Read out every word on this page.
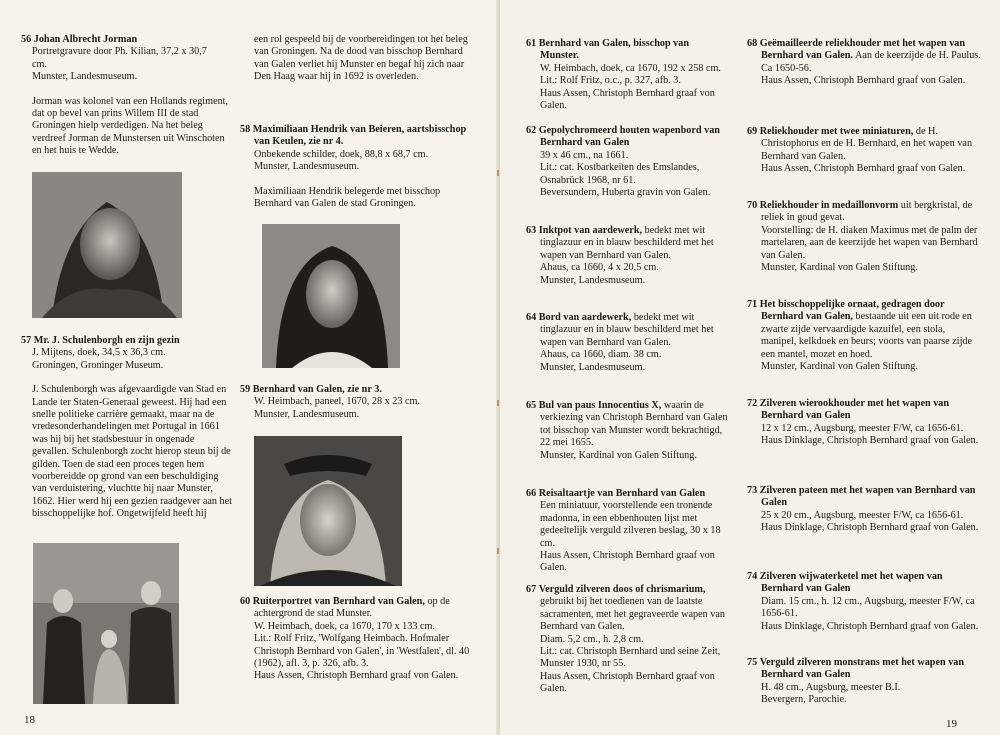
56 Johan Albrecht Jorman
Portretgravure door Ph. Kilian, 37,2 x 30,7
cm.
Munster, Landesmuseum.

Jorman was kolonel van een Hollands regiment, dat op bevel van prins Willem III de stad Groningen hielp verdedigen. Na het beleg verdreef Jorman de Munstersen uit Winschoten en het huis te Wedde.

57 Mr. J. Schulenborgh en zijn gezin
J. Mijtens, doek, 34,5 x 36,3 cm.
Groningen, Groninger Museum.

J. Schulenborgh was afgevaardigde van Stad en Lande ter Staten-Generaal geweest. Hij had een snelle politieke carrière gemaakt, maar na de vredesonderhandelingen met Portugal in 1661 was hij bij het stadsbestuur in ongenade gevallen. Schulenborgh zocht hierop steun bij de gilden. Toen de stad een proces tegen hem voorbereidde op grond van een beschuldiging van verduistering, vluchtte hij naar Munster, 1662. Hier werd hij een gezien raadgever aan het bisschoppelijke hof. Ongetwijfeld heeft hij

een rol gespeeld bij de voorbereidingen tot het beleg van Groningen. Na de dood van bisschop Bernhard van Galen verliet hij Munster en begaf hij zich naar Den Haag waar hij in 1692 is overleden.

58 Maximiliaan Hendrik van Beieren, aartsbisschop van Keulen, zie nr 4.
Onbekende schilder, doek, 88,8 x 68,7 cm.
Munster, Landesmuseum.

Maximiliaan Hendrik belegerde met bisschop Bernhard van Galen de stad Groningen.

59 Bernhard van Galen, zie nr 3.
W. Heimbach, paneel, 1670, 28 x 23 cm.
Munster, Landesmuseum.
60 Ruiterportret van Bernhard van Galen, op de achtergrond de stad Munster.
W. Heimbach, doek, ca 1670, 170 x 133 cm.
Lit.: Rolf Fritz, 'Wolfgang Heimbach. Hofmaler Christoph Bernhard von Galen', in 'Westfalen', dl. 40 (1962), afl. 3, p. 326, afb. 3.
Haus Assen, Christoph Bernhard graaf von Galen.
18
61 Bernhard van Galen, bisschop van Munster.
W. Heimbach, doek, ca 1670, 192 x 258 cm.
Lit.: Rolf Fritz, o.c., p. 327, afb. 3.
Haus Assen, Christoph Bernhard graaf von Galen.
62 Gepolychromeerd houten wapenbord van Bernhard van Galen
39 x 46 cm., na 1661.
Lit.: cat. Kostbarkeiten des Emslandes, Osnabrück 1968, nr 61.
Beversundern, Huberta gravin von Galen.
63 Inktpot van aardewerk, bedekt met wit tinglazuur en in blauw beschilderd met het wapen van Bernhard van Galen.
Ahaus, ca 1660, 4 x 20,5 cm.
Munster, Landesmuseum.
64 Bord van aardewerk, bedekt met wit tinglazuur en in blauw beschilderd met het wapen van Bernhard van Galen.
Ahaus, ca 1660, diam. 38 cm.
Munster, Landesmuseum.
65 Bul van paus Innocentius X, waarin de verkiezing van Christoph Bernhard van Galen tot bisschop van Munster wordt bekrachtigd, 22 mei 1655.
Munster, Kardinal von Galen Stiftung.
66 Reisaltaartje van Bernhard van Galen
Een miniatuur, voorstellende een tronende madonna, in een ebbenhouten lijst met gedeeltelijk verguld zilveren beslag, 30 x 18 cm.
Haus Assen, Christoph Bernhard graaf von Galen.
67 Verguld zilveren doos of chrismarium, gebruikt bij het toedienen van de laatste sacramenten, met het gegraveerde wapen van Bernhard van Galen.
Diam. 5,2 cm., h. 2,8 cm.
Lit.: cat. Christoph Bernhard und seine Zeit, Munster 1930, nr 55.
Haus Assen, Christoph Bernhard graaf von Galen.
68 Geëmailleerde reliekhouder met het wapen van Bernhard van Galen. Aan de keerzijde de H. Paulus. Ca 1650-56.
Haus Assen, Christoph Bernhard graaf von Galen.
69 Reliekhouder met twee miniaturen, de H. Christophorus en de H. Bernhard, en het wapen van Bernhard van Galen.
Haus Assen, Christoph Bernhard graaf von Galen.
70 Reliekhouder in medaillonvorm uit bergkristal, de reliek in goud gevat.
Voorstelling: de H. diaken Maximus met de palm der martelaren, aan de keerzijde het wapen van Bernhard van Galen.
Munster, Kardinal von Galen Stiftung.
71 Het bisschoppelijke ornaat, gedragen door Bernhard van Galen, bestaande uit een uit rode en zwarte zijde vervaardigde kazuifel, een stola, manipel, kelkdoek en beurs; voorts van paarse zijde een mantel, mozet en hoed.
Munster, Kardinal von Galen Stiftung.
72 Zilveren wierookhouder met het wapen van Bernhard van Galen
12 x 12 cm., Augsburg, meester F/W, ca 1656-61.
Haus Dinklage, Christoph Bernhard graaf von Galen.
73 Zilveren pateen met het wapen van Bernhard van Galen
25 x 20 cm., Augsburg, meester F/W, ca 1656-61.
Haus Dinklage, Christoph Bernhard graaf von Galen.
74 Zilveren wijwaterketel met het wapen van Bernhard van Galen
Diam. 15 cm., h. 12 cm., Augsburg, meester F/W, ca 1656-61.
Haus Dinklage, Christoph Bernhard graaf von Galen.
75 Verguld zilveren monstrans met het wapen van Bernhard van Galen
H. 48 cm., Augsburg, meester B.I.
Bevergern, Parochie.
19
